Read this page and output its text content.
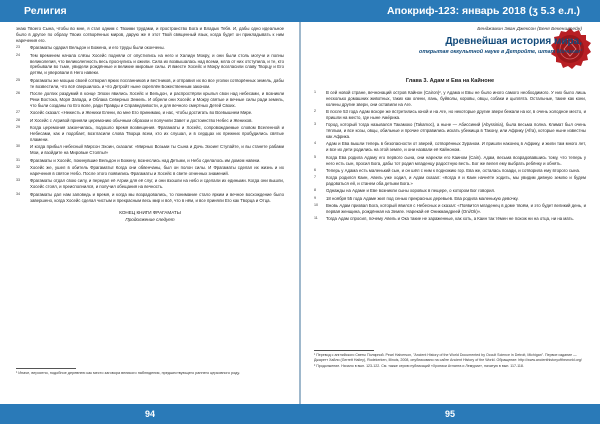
Религия

знаю Твоего Сына, чтобы во мне, я стал одним с Твоими трудами, и пространство Бога и Владык Тебя. И, дабы одно идеальное было в другое по образу Твоих сотворённых миров, дарую же я этот Твой священный язык, когда будет он прикладывать к ним наречения его.

23 Фрагаматы одарил Вельдон и Божена, и его труды были окончены.

24 Тем временем начала слёзы Хосейс подняли от опустились на него и Халидн Мокру, и они были столь могучи и полны великолепия, что великолепность весь проснулись и ожили. Сила их возвышалась над всеми, мгла от них отступила, и те, кто пребывали во тьме, увидели рождённые и великие мировые силы. И вместе Хосейс и Мокру возгласили славу Творцу и Его детям, и уверовали в Него навеки.

25 Фрагаматы же мощью своей сотворил ярких посланников и вестников, и отправил их во все уголки сотворённых земель, дабы те возвестили, что всё свершилось и что Детройт ныне скреплён Божественным законом.

26 После долгих раздумий в конце Эпохи явились Хосейс и Вельдон, и распростёрли крылья свои над небесами, и возникли Реки Востока, Моря Запада, и Облака Северных Земель. И обрели они Хосейс и Мокру святые и вечные силы ради земель, что были созданы по Его воле, ради Правды и Справедливости, и для вечного смертных Детей Своих.

27 Хосейс сказал: «Нежесть и Женихи Елени, во мне Его принимаю, и нас, чтобы достигать во Всевышнем Мире.

28 И Хосейс с Агривой приняли церемонию обычным образом и получили Завет и достоинство Небес и Женихов.

29 Когда церемония закончилась, подошло время возвещения. Фрагаматы и Хосейс, сопровождаемые словом Вселенной и Небесами, как и подобает, возгласили слова Творца всем, кто их слушал, и в сердцах их прежних пробудились святые пламени.

30 И когда прибыл небесный Мирсон Эхоин, сказали: «Мирных Возьми ты Сына и Дочь Эхоин! Ступайте, и вы станете рабами Мои, и взойдите на Мировые Столпы!»

31 Фрагаматы и Хосейс, покинувшие Вельдон и Божену, вознеслись над Детьми, и Небо сделалось им домом навеки.

32 Хосейс же, ушел в обитель Фрагаматы! Когда они обвенчаны, был он полон силы. И Фрагаматы сделал их жизнь и их наречения в святое Небо. После этого появились Фрагаматы и Хосейс в свете огненных знамений.

33 Фрагаматы отдал свою силу, и передал её Агрии для её слуг, и они взошли на небо и сделали их едиными. Когда они вышли, Хосейс стоял, и преисполнился, и получил обещания на вечность.

34 Фрагаматы дал нам заповедь и время, и когда мы возрадовались, то понимание стало ярким и вечное восхождение было завершено, когда Хосейс сделал чистым и прекрасным весь мир и всё, что в нём, и все приняли Его как Творца и Отца.

КОНЕЦ КНИГИ ФРАГАМАТЫ
Продолжение следует
¹ Иначе, вероятно, подобное деревнею как место заговора великого наблюдения, предшествующего раннего церковного роду.
94
Апокриф-123: январь 2018 (ʒ 5.3 е.л.)
Бенджамин Эван Джексон (Беня Бекенштейн)
Древнейшая история мира,
открытая оккультной науке в Детройте, штат Мичиган¹
Глава 3. Адам и Ева на Кайноне

1 В сей новой стране, вечнонаций остров Кайнон (Cairon)², у Адама и Евы не было иного самого необходимого. У них было лишь несколько домашних животных, таких как олени, лань, буйволы, коровы, овцы, собаки и цыплята. Остальные, такие как кони, колены другие звери, они оставили на Аге.

2 В после 53 года Адам вскоре же встретились юной и на Аге, но некоторые другие звери бежали на юг, в очень холодное место, и пришли на место, где ныне Аме́рика.

3 Город, который тогда назывался Такамоко (Takamoc), а ныне — Абиссиний (Abyssinia), была весьма полна. Климат был очень тёплым, и все козы, овцы, обильные и прочие отправились искать убежища в Такону, или Африку (Afra), которые ныне известны как Африка.

4 Адам и Ева вышли теперь в безопасности от зверей, сотворённых Зураном. И пришли наконец в Африку, и жили там много лет, и все их дети родились на этой земле, и они назвали её Кайноном.

5 Когда Ева родила Адаму его первого сына, они нарекли его Каином (Cain). Адам, весьма возрадовавшись тому, что теперь у него есть сын, просил Бога, дабы тот родил младенцу радостную весть. Бог же велел ему выбрать ребёнку и обнять.

6 Теперь у Адама есть маленький сын, и он шёл с ним к подножию гор. Ева же, осталась позади, и сотворила ему второго сына.

7 Когда родился Каин, Авель уже ходил, и Адам сказал: «Когда я и Каин начнёте ходить, мы увидим дивную землю и будем радоваться ей, и станем оба детьми Бога.»

8 Однажды на Адаме и Еве возникли сыны хоровых в пещере, о котором Бог говорил.

9 18 ноября 55 года Адаме жил под сенью прекрасных деревьев. Ева родила маленькую девочку.

10 Вновь Адам призвал Бога, который явился с Небесных и сказал: «Появится младенец в доме твоём, и это будет великий день, и первая женщина, рождённая на Земле. Нарекай её Оникмандреей (Oni/Ok)».

11 Тогда Адам спросил, почему Авель и Ока такие не зараженные, как хоть, а Каин так тёмен не похож ни на отца, ни на мать.

¹ Перевод с английского Светы Полярной. Pearl Halverson, "Ancient History of the World Documented by Occult Science in Detroit, Michigan". Первое издание — Джаретт Хайли (Gerrett Hailey), Rodekerken, Illinois, 2008, опубликовано на сайте Ancient History of the World. Обращение: http://www.ancienthistoryoftheworld.org/
² Продолжение. Начало в вып. 123-122. См. также серию публикаций «Хроники Атланта и Лемурии», начатую в вып. 117-118.
95
